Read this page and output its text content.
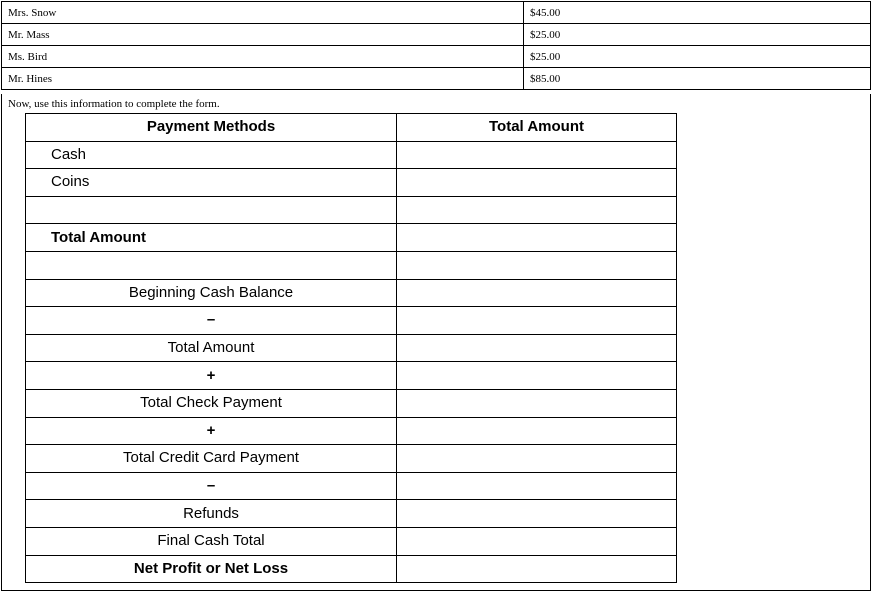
Mrs. Snow	$45.00
Mr. Mass	$25.00
Ms. Bird	$25.00
Mr. Hines	$85.00
Now, use this information to complete the form.
Payment Methods	Total Amount
Cash	
Coins	

Total Amount	

Beginning Cash Balance	
–	
Total Amount	
+	
Total Check Payment	
+	
Total Credit Card Payment	
–	
Refunds	
Final Cash Total	
Net Profit or Net Loss	
